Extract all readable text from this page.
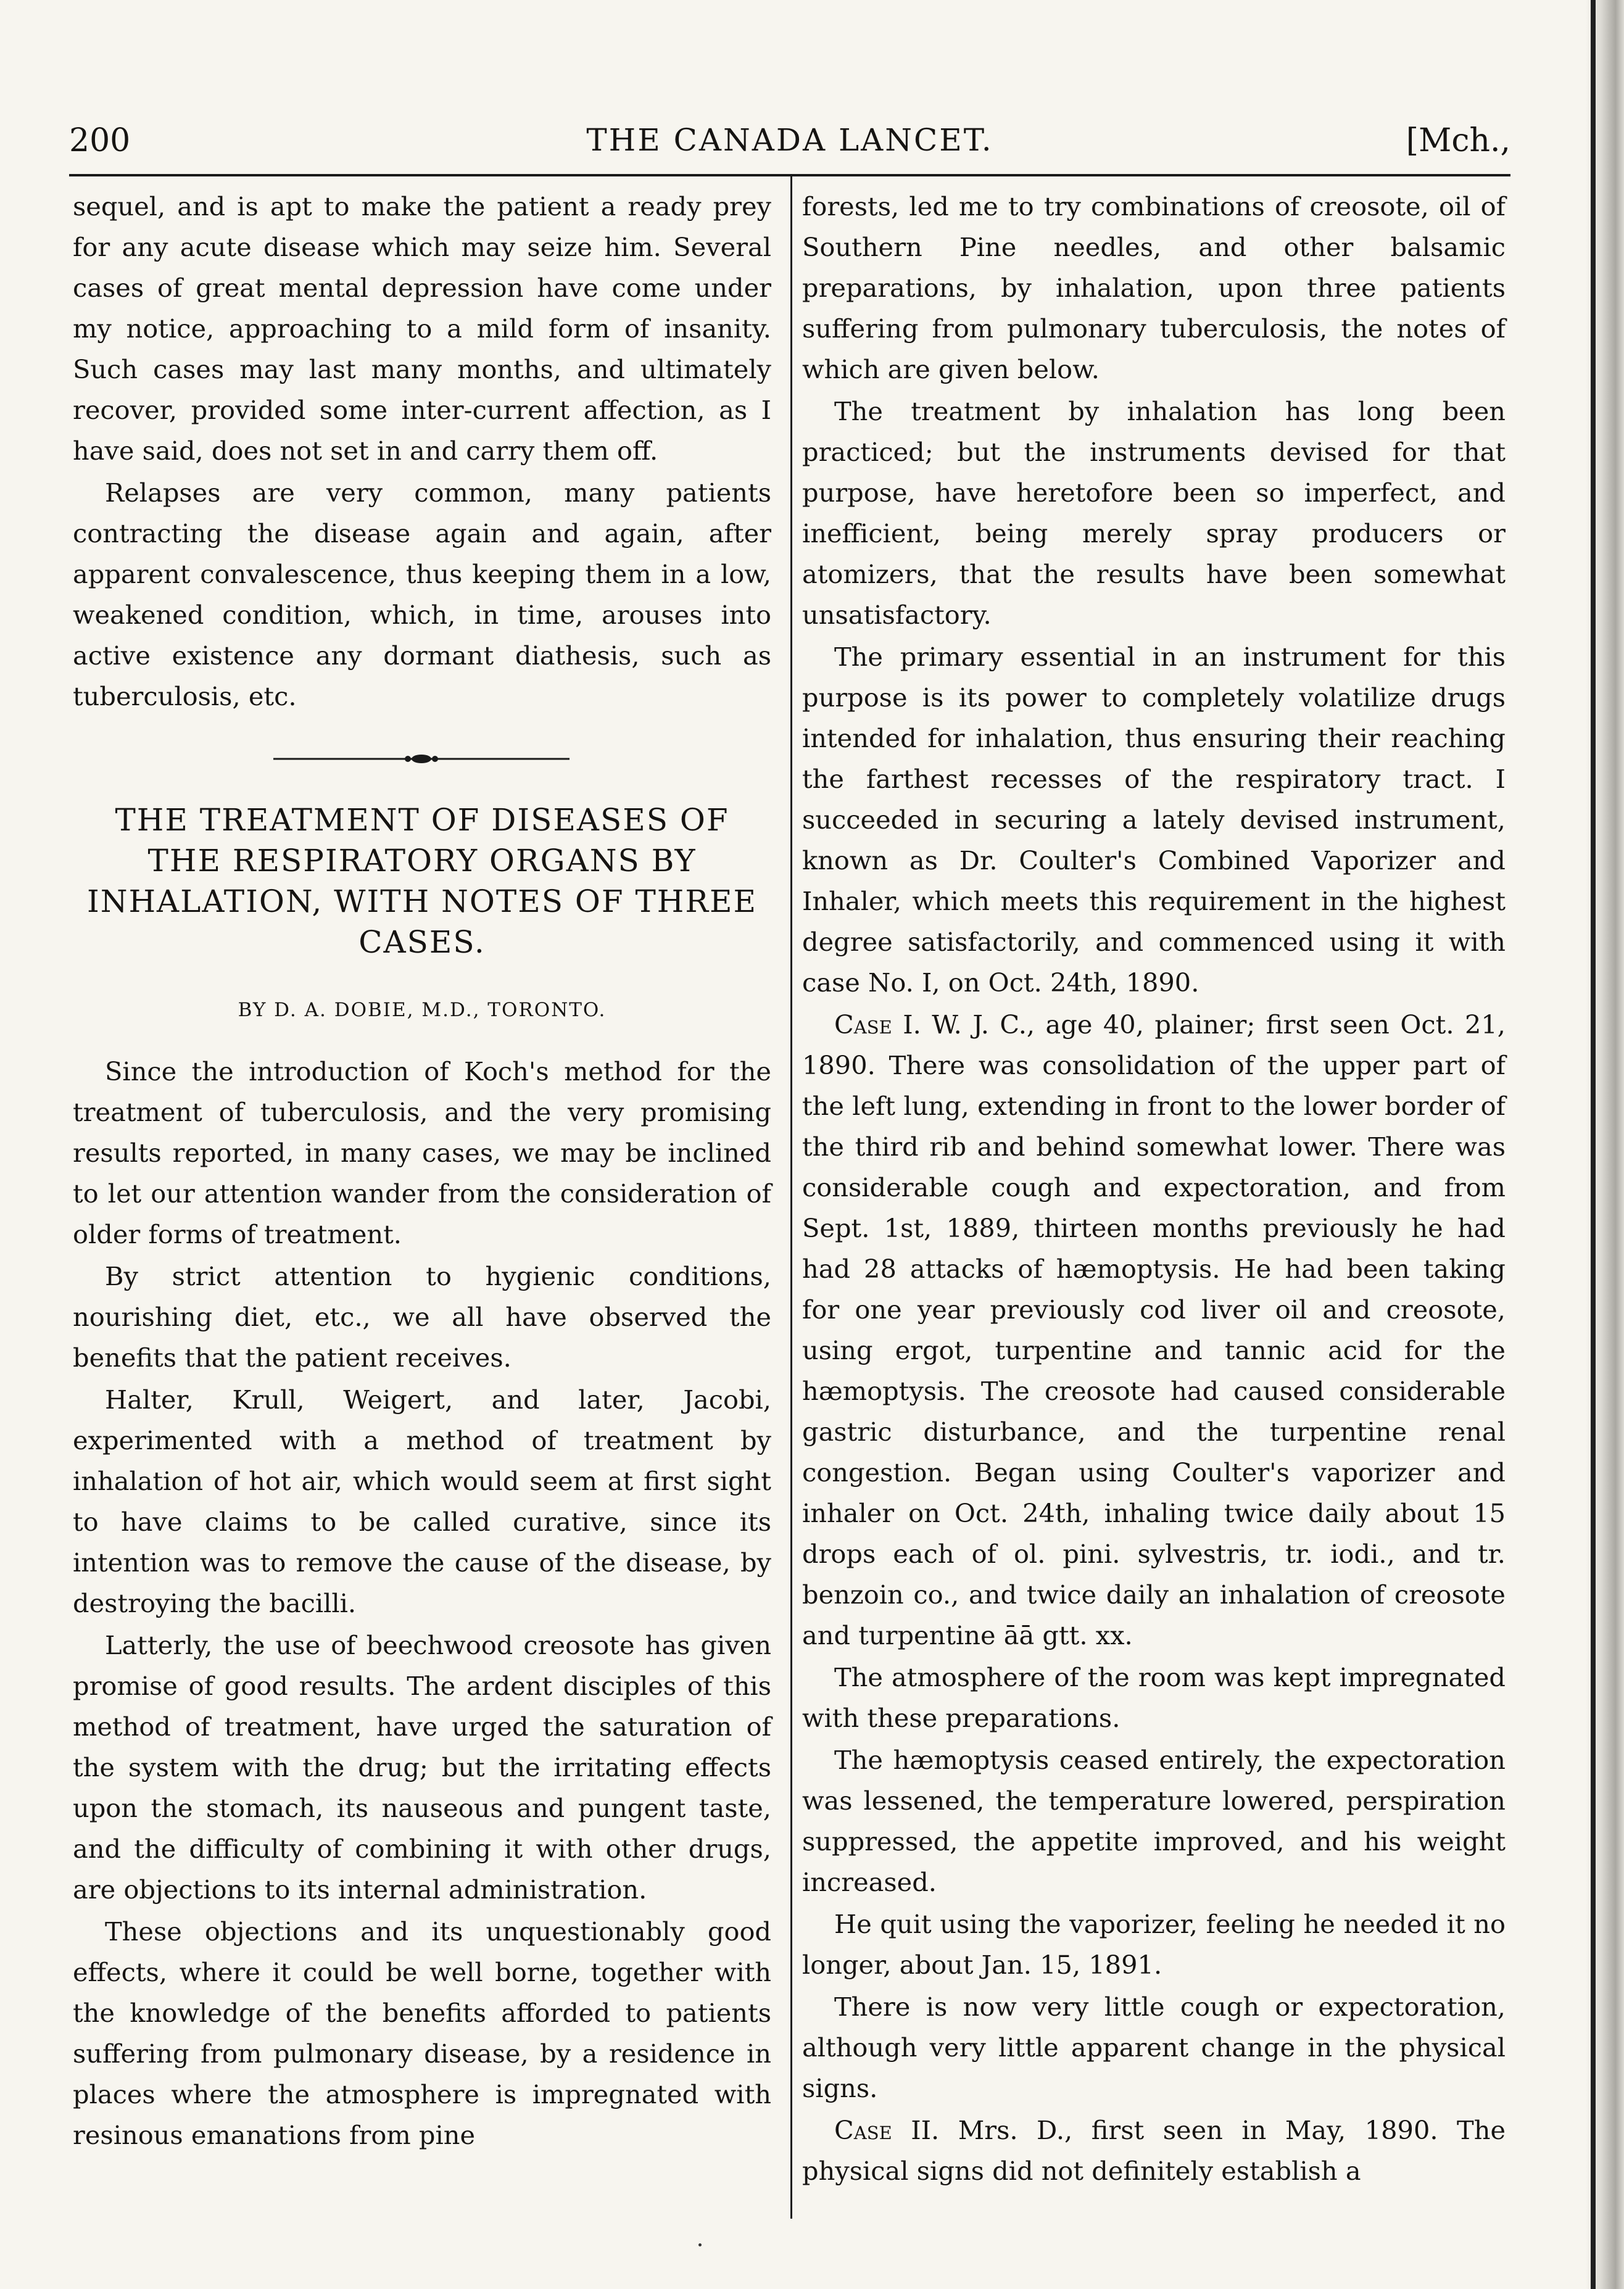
200	THE CANADA LANCET.	[Mch.,

sequel, and is apt to make the patient a ready prey for any acute disease which may seize him. Several cases of great mental depression have come under my notice, approaching to a mild form of insanity. Such cases may last many months, and ultimately recover, provided some inter-current affection, as I have said, does not set in and carry them off.

Relapses are very common, many patients contracting the disease again and again, after apparent convalescence, thus keeping them in a low, weakened condition, which, in time, arouses into active existence any dormant diathesis, such as tuberculosis, etc.

THE TREATMENT OF DISEASES OF THE RESPIRATORY ORGANS BY INHALATION, WITH NOTES OF THREE CASES.
BY D. A. DOBIE, M.D., TORONTO.

Since the introduction of Koch's method for the treatment of tuberculosis, and the very promising results reported, in many cases, we may be inclined to let our attention wander from the consideration of older forms of treatment.

By strict attention to hygienic conditions, nourishing diet, etc., we all have observed the benefits that the patient receives.

Halter, Krull, Weigert, and later, Jacobi, experimented with a method of treatment by inhalation of hot air, which would seem at first sight to have claims to be called curative, since its intention was to remove the cause of the disease, by destroying the bacilli.

Latterly, the use of beechwood creosote has given promise of good results. The ardent disciples of this method of treatment, have urged the saturation of the system with the drug; but the irritating effects upon the stomach, its nauseous and pungent taste, and the difficulty of combining it with other drugs, are objections to its internal administration.

These objections and its unquestionably good effects, where it could be well borne, together with the knowledge of the benefits afforded to patients suffering from pulmonary disease, by a residence in places where the atmosphere is impregnated with resinous emanations from pine

forests, led me to try combinations of creosote, oil of Southern Pine needles, and other balsamic preparations, by inhalation, upon three patients suffering from pulmonary tuberculosis, the notes of which are given below.

The treatment by inhalation has long been practiced; but the instruments devised for that purpose, have heretofore been so imperfect, and inefficient, being merely spray producers or atomizers, that the results have been somewhat unsatisfactory.

The primary essential in an instrument for this purpose is its power to completely volatilize drugs intended for inhalation, thus ensuring their reaching the farthest recesses of the respiratory tract. I succeeded in securing a lately devised instrument, known as Dr. Coulter's Combined Vaporizer and Inhaler, which meets this requirement in the highest degree satisfactorily, and commenced using it with case No. I, on Oct. 24th, 1890.

Case I. W. J. C., age 40, plainer; first seen Oct. 21, 1890. There was consolidation of the upper part of the left lung, extending in front to the lower border of the third rib and behind somewhat lower. There was considerable cough and expectoration, and from Sept. 1st, 1889, thirteen months previously he had had 28 attacks of hæmoptysis. He had been taking for one year previously cod liver oil and creosote, using ergot, turpentine and tannic acid for the hæmoptysis. The creosote had caused considerable gastric disturbance, and the turpentine renal congestion. Began using Coulter's vaporizer and inhaler on Oct. 24th, inhaling twice daily about 15 drops each of ol. pini. sylvestris, tr. iodi., and tr. benzoin co., and twice daily an inhalation of creosote and turpentine āā gtt. xx.

The atmosphere of the room was kept impregnated with these preparations.

The hæmoptysis ceased entirely, the expectoration was lessened, the temperature lowered, perspiration suppressed, the appetite improved, and his weight increased.

He quit using the vaporizer, feeling he needed it no longer, about Jan. 15, 1891.

There is now very little cough or expectoration, although very little apparent change in the physical signs.

Case II. Mrs. D., first seen in May, 1890. The physical signs did not definitely establish a
